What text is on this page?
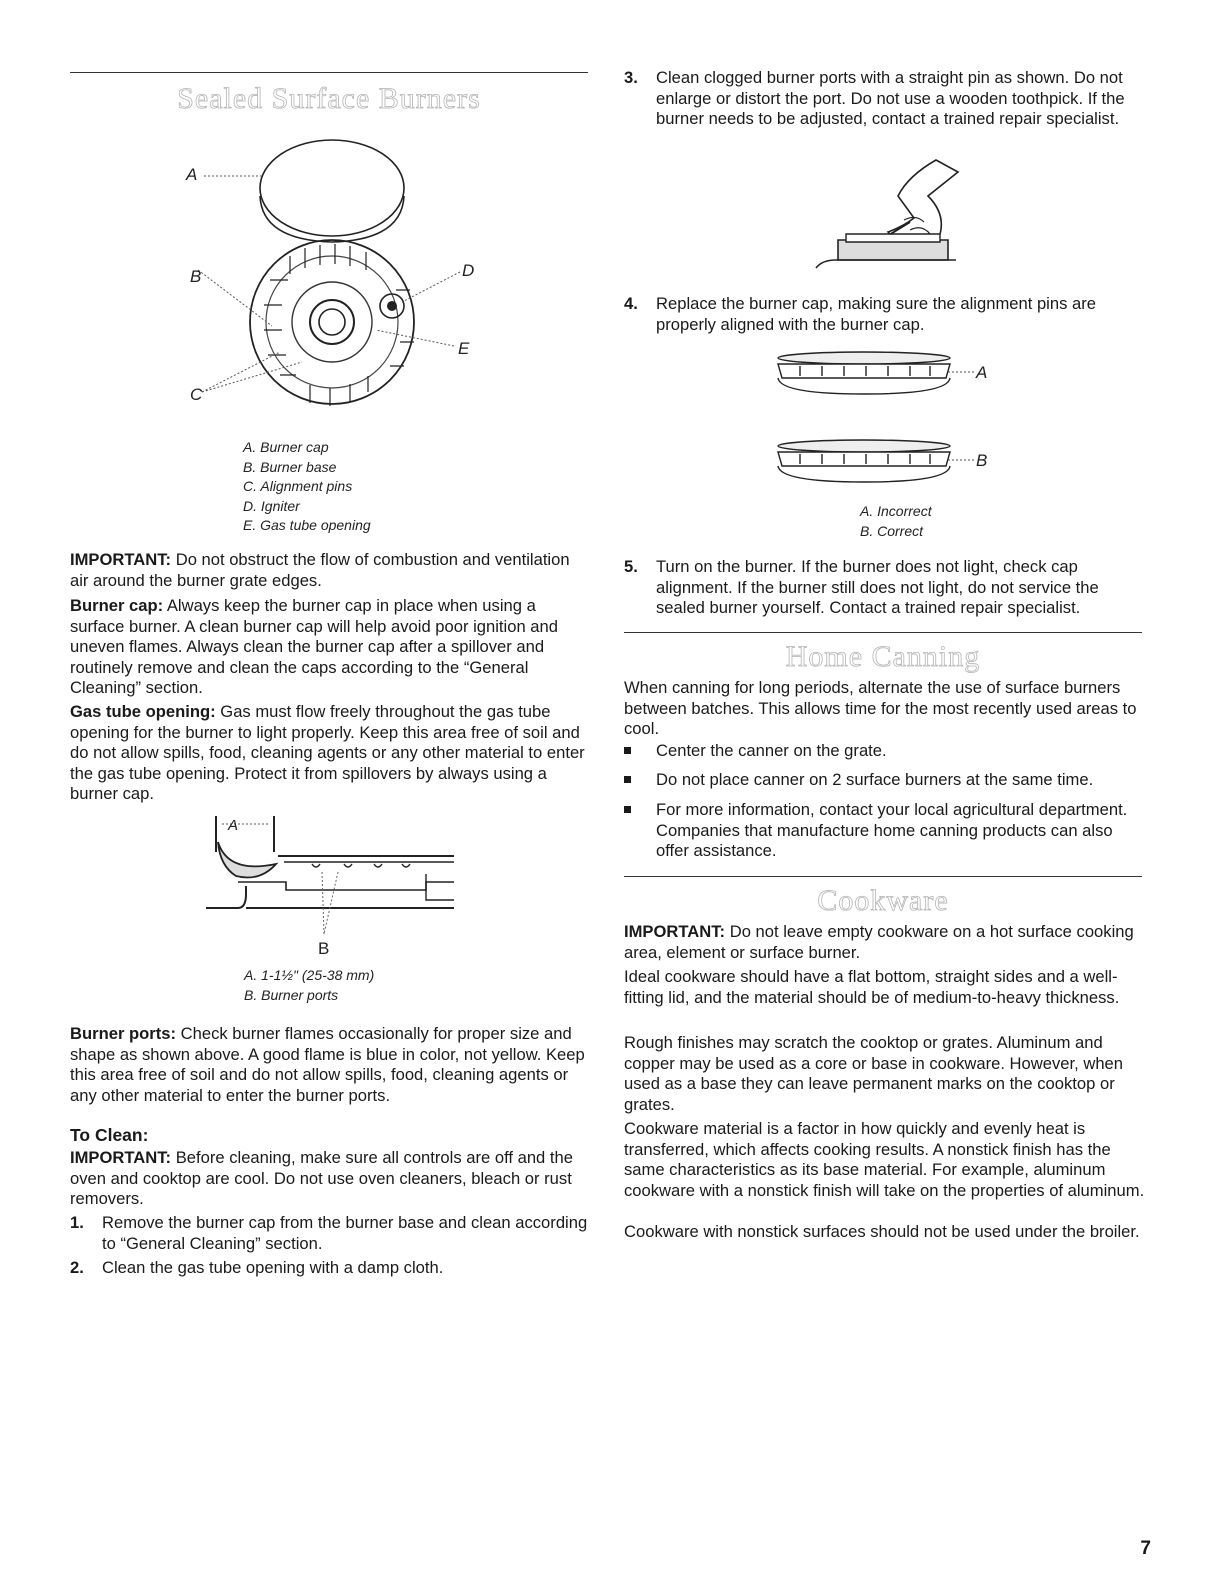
Sealed Surface Burners
A
B
C
D
E
A. Burner cap
B. Burner base
C. Alignment pins
D. Igniter
E. Gas tube opening

IMPORTANT: Do not obstruct the flow of combustion and ventilation air around the burner grate edges.

Burner cap: Always keep the burner cap in place when using a surface burner. A clean burner cap will help avoid poor ignition and uneven flames. Always clean the burner cap after a spillover and routinely remove and clean the caps according to the “General Cleaning” section.

Gas tube opening: Gas must flow freely throughout the gas tube opening for the burner to light properly. Keep this area free of soil and do not allow spills, food, cleaning agents or any other material to enter the gas tube opening. Protect it from spillovers by always using a burner cap.

A
B
A. 1-1½" (25-38 mm)
B. Burner ports

Burner ports: Check burner flames occasionally for proper size and shape as shown above. A good flame is blue in color, not yellow. Keep this area free of soil and do not allow spills, food, cleaning agents or any other material to enter the burner ports.

To Clean:

IMPORTANT: Before cleaning, make sure all controls are off and the oven and cooktop are cool. Do not use oven cleaners, bleach or rust removers.

1. Remove the burner cap from the burner base and clean according to “General Cleaning” section.
2. Clean the gas tube opening with a damp cloth.
3. Clean clogged burner ports with a straight pin as shown. Do not enlarge or distort the port. Do not use a wooden toothpick. If the burner needs to be adjusted, contact a trained repair specialist.
4. Replace the burner cap, making sure the alignment pins are properly aligned with the burner cap.
A
B
A. Incorrect
B. Correct
5. Turn on the burner. If the burner does not light, check cap alignment. If the burner still does not light, do not service the sealed burner yourself. Contact a trained repair specialist.
Home Canning

When canning for long periods, alternate the use of surface burners between batches. This allows time for the most recently used areas to cool.

Center the canner on the grate.
Do not place canner on 2 surface burners at the same time.
For more information, contact your local agricultural department. Companies that manufacture home canning products can also offer assistance.
Cookware

IMPORTANT: Do not leave empty cookware on a hot surface cooking area, element or surface burner.

Ideal cookware should have a flat bottom, straight sides and a well-fitting lid, and the material should be of medium-to-heavy thickness.

Rough finishes may scratch the cooktop or grates. Aluminum and copper may be used as a core or base in cookware. However, when used as a base they can leave permanent marks on the cooktop or grates.

Cookware material is a factor in how quickly and evenly heat is transferred, which affects cooking results. A nonstick finish has the same characteristics as its base material. For example, aluminum cookware with a nonstick finish will take on the properties of aluminum.

Cookware with nonstick surfaces should not be used under the broiler.

7
